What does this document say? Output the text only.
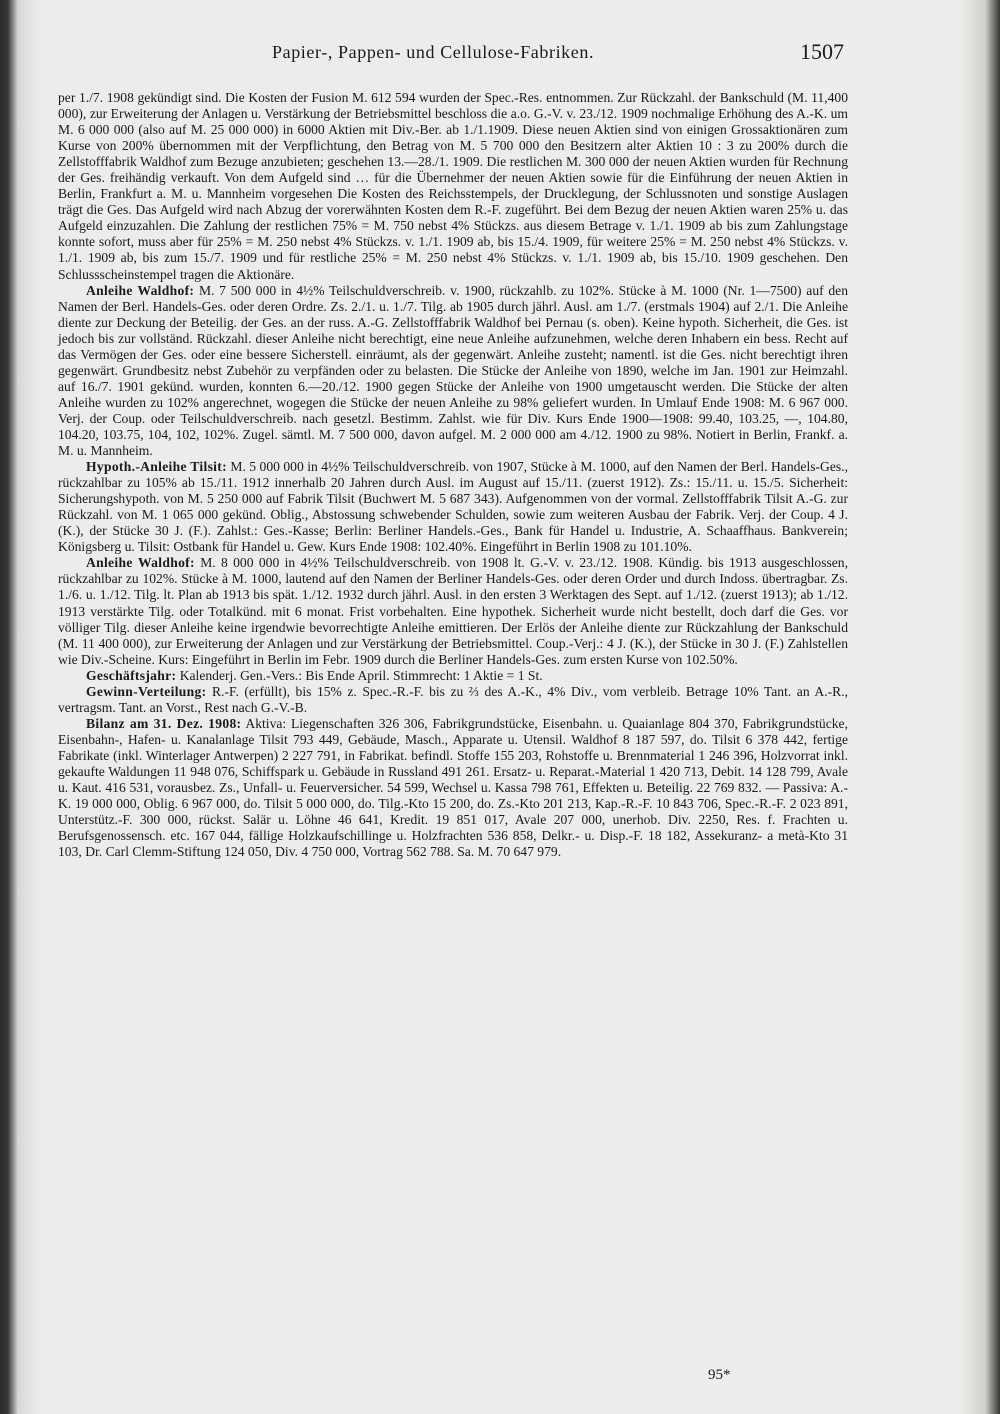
Papier-, Pappen- und Cellulose-Fabriken.	1507

per 1./7. 1908 gekündigt sind. Die Kosten der Fusion M. 612 594 wurden der Spec.-Res. entnommen. Zur Rückzahl. der Bankschuld (M. 11,400 000), zur Erweiterung der Anlagen u. Verstärkung der Betriebsmittel beschloss die a.o. G.-V. v. 23./12. 1909 nochmalige Erhöhung des A.-K. um M. 6 000 000 (also auf M. 25 000 000) in 6000 Aktien mit Div.-Ber. ab 1./1.1909. Diese neuen Aktien sind von einigen Grossaktionären zum Kurse von 200% übernommen mit der Verpflichtung, den Betrag von M. 5 700 000 den Besitzern alter Aktien 10 : 3 zu 200% durch die Zellstofffabrik Waldhof zum Bezuge anzubieten; geschehen 13.—28./1. 1909. Die restlichen M. 300 000 der neuen Aktien wurden für Rechnung der Ges. freihändig verkauft. Von dem Aufgeld sind … für die Übernehmer der neuen Aktien sowie für die Einführung der neuen Aktien in Berlin, Frankfurt a. M. u. Mannheim vorgesehen Die Kosten des Reichsstempels, der Drucklegung, der Schlussnoten und sonstige Auslagen trägt die Ges. Das Aufgeld wird nach Abzug der vorerwähnten Kosten dem R.-F. zugeführt. Bei dem Bezug der neuen Aktien waren 25% u. das Aufgeld einzuzahlen. Die Zahlung der restlichen 75% = M. 750 nebst 4% Stückzs. aus diesem Betrage v. 1./1. 1909 ab bis zum Zahlungstage konnte sofort, muss aber für 25% = M. 250 nebst 4% Stückzs. v. 1./1. 1909 ab, bis 15./4. 1909, für weitere 25% = M. 250 nebst 4% Stückzs. v. 1./1. 1909 ab, bis zum 15./7. 1909 und für restliche 25% = M. 250 nebst 4% Stückzs. v. 1./1. 1909 ab, bis 15./10. 1909 geschehen. Den Schlussscheinstempel tragen die Aktionäre.

Anleihe Waldhof: M. 7 500 000 in 4½% Teilschuldverschreib. v. 1900, rückzahlb. zu 102%. Stücke à M. 1000 (Nr. 1—7500) auf den Namen der Berl. Handels-Ges. oder deren Ordre. Zs. 2./1. u. 1./7. Tilg. ab 1905 durch jährl. Ausl. am 1./7. (erstmals 1904) auf 2./1. Die Anleihe diente zur Deckung der Beteilig. der Ges. an der russ. A.-G. Zellstofffabrik Waldhof bei Pernau (s. oben). Keine hypoth. Sicherheit, die Ges. ist jedoch bis zur vollständ. Rückzahl. dieser Anleihe nicht berechtigt, eine neue Anleihe aufzunehmen, welche deren Inhabern ein bess. Recht auf das Vermögen der Ges. oder eine bessere Sicherstell. einräumt, als der gegenwärt. Anleihe zusteht; namentl. ist die Ges. nicht berechtigt ihren gegenwärt. Grundbesitz nebst Zubehör zu verpfänden oder zu belasten. Die Stücke der Anleihe von 1890, welche im Jan. 1901 zur Heimzahl. auf 16./7. 1901 gekünd. wurden, konnten 6.—20./12. 1900 gegen Stücke der Anleihe von 1900 umgetauscht werden. Die Stücke der alten Anleihe wurden zu 102% angerechnet, wogegen die Stücke der neuen Anleihe zu 98% geliefert wurden. In Umlauf Ende 1908: M. 6 967 000. Verj. der Coup. oder Teilschuldverschreib. nach gesetzl. Bestimm. Zahlst. wie für Div. Kurs Ende 1900—1908: 99.40, 103.25, —, 104.80, 104.20, 103.75, 104, 102, 102%. Zugel. sämtl. M. 7 500 000, davon aufgel. M. 2 000 000 am 4./12. 1900 zu 98%. Notiert in Berlin, Frankf. a. M. u. Mannheim.

Hypoth.-Anleihe Tilsit: M. 5 000 000 in 4½% Teilschuldverschreib. von 1907, Stücke à M. 1000, auf den Namen der Berl. Handels-Ges., rückzahlbar zu 105% ab 15./11. 1912 innerhalb 20 Jahren durch Ausl. im August auf 15./11. (zuerst 1912). Zs.: 15./11. u. 15./5. Sicherheit: Sicherungshypoth. von M. 5 250 000 auf Fabrik Tilsit (Buchwert M. 5 687 343). Aufgenommen von der vormal. Zellstofffabrik Tilsit A.-G. zur Rückzahl. von M. 1 065 000 gekünd. Oblig., Abstossung schwebender Schulden, sowie zum weiteren Ausbau der Fabrik. Verj. der Coup. 4 J. (K.), der Stücke 30 J. (F.). Zahlst.: Ges.-Kasse; Berlin: Berliner Handels.-Ges., Bank für Handel u. Industrie, A. Schaaffhaus. Bankverein; Königsberg u. Tilsit: Ostbank für Handel u. Gew. Kurs Ende 1908: 102.40%. Eingeführt in Berlin 1908 zu 101.10%.

Anleihe Waldhof: M. 8 000 000 in 4½% Teilschuldverschreib. von 1908 lt. G.-V. v. 23./12. 1908. Kündig. bis 1913 ausgeschlossen, rückzahlbar zu 102%. Stücke à M. 1000, lautend auf den Namen der Berliner Handels-Ges. oder deren Order und durch Indoss. übertragbar. Zs. 1./6. u. 1./12. Tilg. lt. Plan ab 1913 bis spät. 1./12. 1932 durch jährl. Ausl. in den ersten 3 Werktagen des Sept. auf 1./12. (zuerst 1913); ab 1./12. 1913 verstärkte Tilg. oder Totalkünd. mit 6 monat. Frist vorbehalten. Eine hypothek. Sicherheit wurde nicht bestellt, doch darf die Ges. vor völliger Tilg. dieser Anleihe keine irgendwie bevorrechtigte Anleihe emittieren. Der Erlös der Anleihe diente zur Rückzahlung der Bankschuld (M. 11 400 000), zur Erweiterung der Anlagen und zur Verstärkung der Betriebsmittel. Coup.-Verj.: 4 J. (K.), der Stücke in 30 J. (F.) Zahlstellen wie Div.-Scheine. Kurs: Eingeführt in Berlin im Febr. 1909 durch die Berliner Handels-Ges. zum ersten Kurse von 102.50%.

Geschäftsjahr: Kalenderj. Gen.-Vers.: Bis Ende April. Stimmrecht: 1 Aktie = 1 St.

Gewinn-Verteilung: R.-F. (erfüllt), bis 15% z. Spec.-R.-F. bis zu ⅔ des A.-K., 4% Div., vom verbleib. Betrage 10% Tant. an A.-R., vertragsm. Tant. an Vorst., Rest nach G.-V.-B.

Bilanz am 31. Dez. 1908: Aktiva: Liegenschaften 326 306, Fabrikgrundstücke, Eisenbahn. u. Quaianlage 804 370, Fabrikgrundstücke, Eisenbahn-, Hafen- u. Kanalanlage Tilsit 793 449, Gebäude, Masch., Apparate u. Utensil. Waldhof 8 187 597, do. Tilsit 6 378 442, fertige Fabrikate (inkl. Winterlager Antwerpen) 2 227 791, in Fabrikat. befindl. Stoffe 155 203, Rohstoffe u. Brennmaterial 1 246 396, Holzvorrat inkl. gekaufte Waldungen 11 948 076, Schiffspark u. Gebäude in Russland 491 261. Ersatz- u. Reparat.-Material 1 420 713, Debit. 14 128 799, Avale u. Kaut. 416 531, vorausbez. Zs., Unfall- u. Feuerversicher. 54 599, Wechsel u. Kassa 798 761, Effekten u. Beteilig. 22 769 832. — Passiva: A.-K. 19 000 000, Oblig. 6 967 000, do. Tilsit 5 000 000, do. Tilg.-Kto 15 200, do. Zs.-Kto 201 213, Kap.-R.-F. 10 843 706, Spec.-R.-F. 2 023 891, Unterstütz.-F. 300 000, rückst. Salär u. Löhne 46 641, Kredit. 19 851 017, Avale 207 000, unerhob. Div. 2250, Res. f. Frachten u. Berufsgenossensch. etc. 167 044, fällige Holzkaufschillinge u. Holzfrachten 536 858, Delkr.- u. Disp.-F. 18 182, Assekuranz- a metà-Kto 31 103, Dr. Carl Clemm-Stiftung 124 050, Div. 4 750 000, Vortrag 562 788. Sa. M. 70 647 979.

95*
